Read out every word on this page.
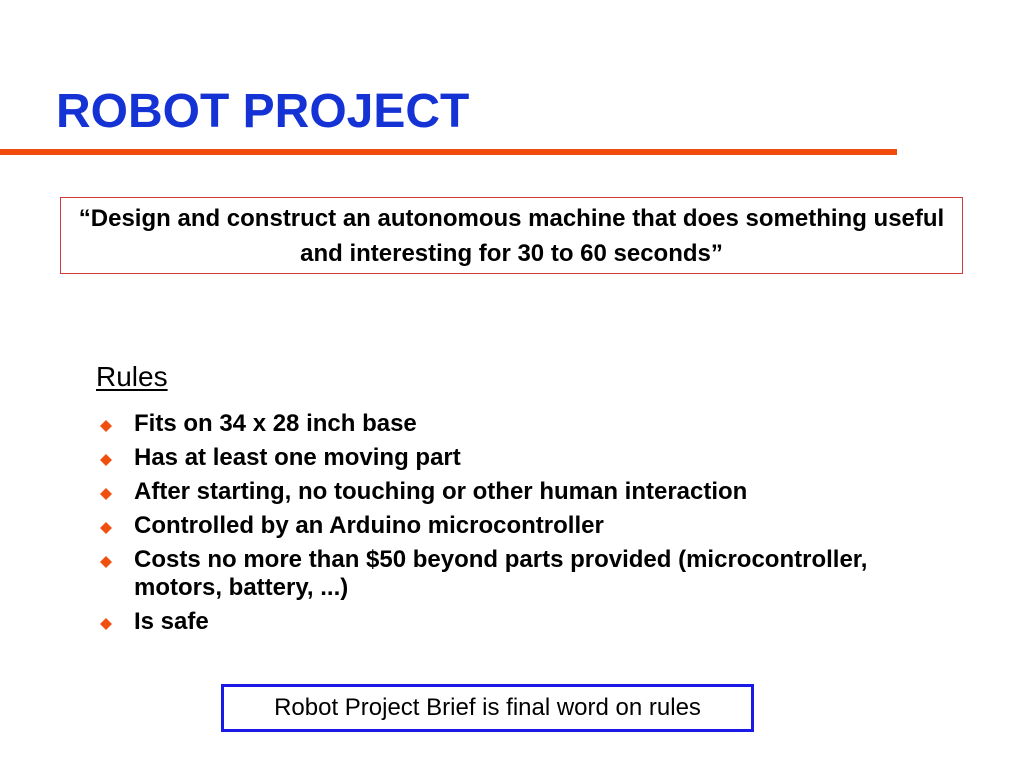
ROBOT PROJECT
“Design and construct an autonomous machine that does something useful and interesting for 30 to 60 seconds”
Rules
Fits on 34 x 28 inch base
Has at least one moving part
After starting, no touching or other human interaction
Controlled by an Arduino microcontroller
Costs no more than $50 beyond parts provided (microcontroller, motors, battery, ...)
Is safe
Robot Project Brief is final word on rules
